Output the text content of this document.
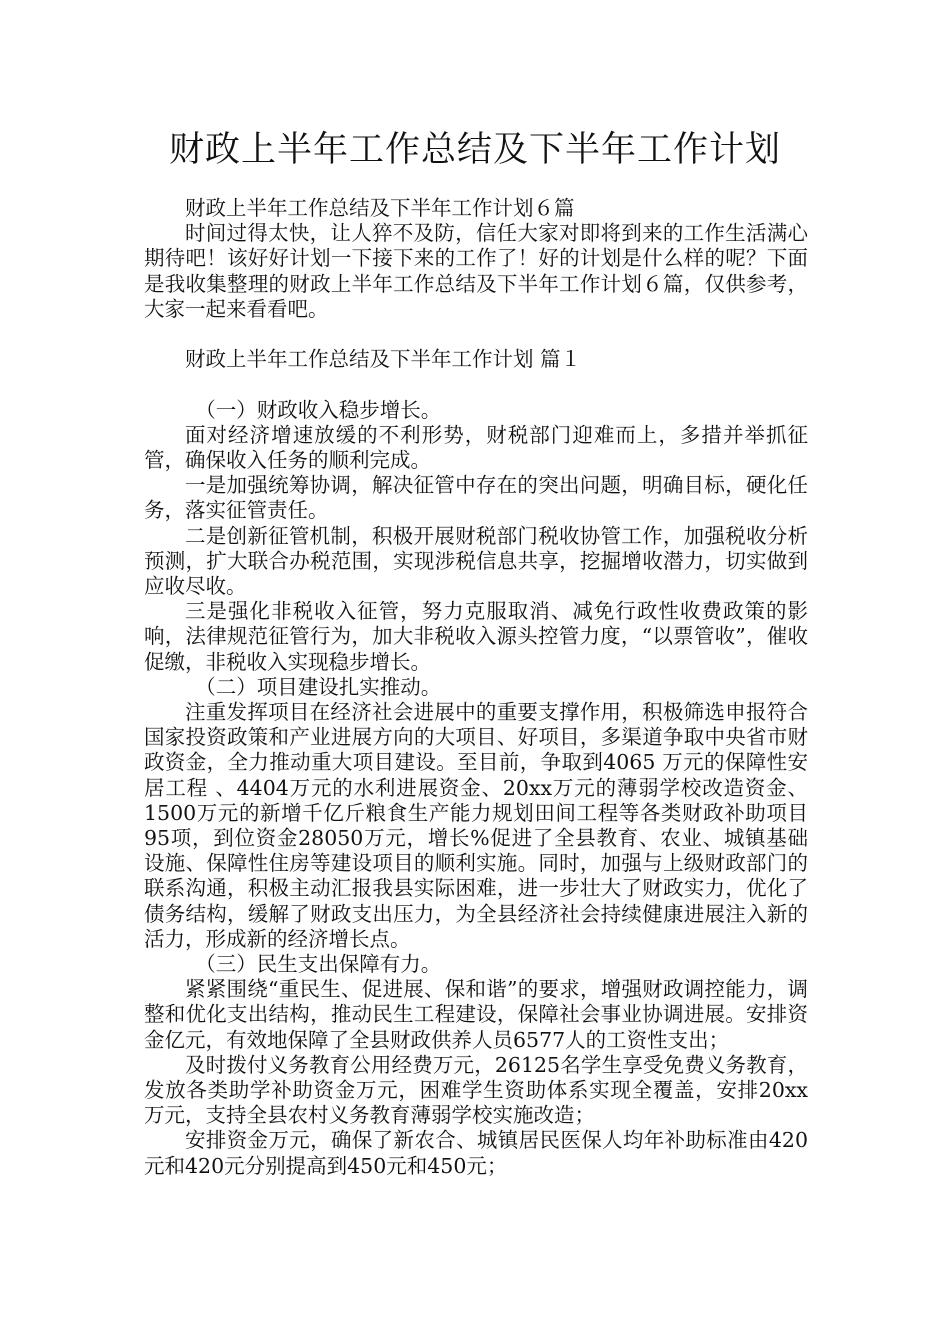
财政上半年工作总结及下半年工作计划

财政上半年工作总结及下半年工作计划６篇

时间过得太快，让人猝不及防，信任大家对即将到来的工作生活满心期待吧！该好好计划一下接下来的工作了！好的计划是什么样的呢？下面是我收集整理的财政上半年工作总结及下半年工作计划６篇，仅供参考，大家一起来看看吧。

财政上半年工作总结及下半年工作计划 篇１

（一）财政收入稳步增长。

面对经济增速放缓的不利形势，财税部门迎难而上，多措并举抓征管，确保收入任务的顺利完成。

一是加强统筹协调，解决征管中存在的突出问题，明确目标，硬化任务，落实征管责任。

二是创新征管机制，积极开展财税部门税收协管工作，加强税收分析预测，扩大联合办税范围，实现涉税信息共享，挖掘增收潜力，切实做到应收尽收。

三是强化非税收入征管，努力克服取消、减免行政性收费政策的影响，法律规范征管行为，加大非税收入源头控管力度，“以票管收”，催收促缴，非税收入实现稳步增长。

（二）项目建设扎实推动。

注重发挥项目在经济社会进展中的重要支撑作用，积极筛选申报符合国家投资政策和产业进展方向的大项目、好项目，多渠道争取中央省市财政资金，全力推动重大项目建设。至目前，争取到4065 万元的保障性安居工程 、4404万元的水利进展资金、20xx万元的薄弱学校改造资金、1500万元的新增千亿斤粮食生产能力规划田间工程等各类财政补助项目95项，到位资金28050万元，增长%促进了全县教育、农业、城镇基础设施、保障性住房等建设项目的顺利实施。同时，加强与上级财政部门的联系沟通，积极主动汇报我县实际困难，进一步壮大了财政实力，优化了债务结构，缓解了财政支出压力，为全县经济社会持续健康进展注入新的活力，形成新的经济增长点。

（三）民生支出保障有力。

紧紧围绕“重民生、促进展、保和谐”的要求，增强财政调控能力，调整和优化支出结构，推动民生工程建设，保障社会事业协调进展。安排资金亿元，有效地保障了全县财政供养人员6577人的工资性支出；

及时拨付义务教育公用经费万元，26125名学生享受免费义务教育，发放各类助学补助资金万元，困难学生资助体系实现全覆盖，安排20xx万元，支持全县农村义务教育薄弱学校实施改造；

安排资金万元，确保了新农合、城镇居民医保人均年补助标准由420元和420元分别提高到450元和450元；
